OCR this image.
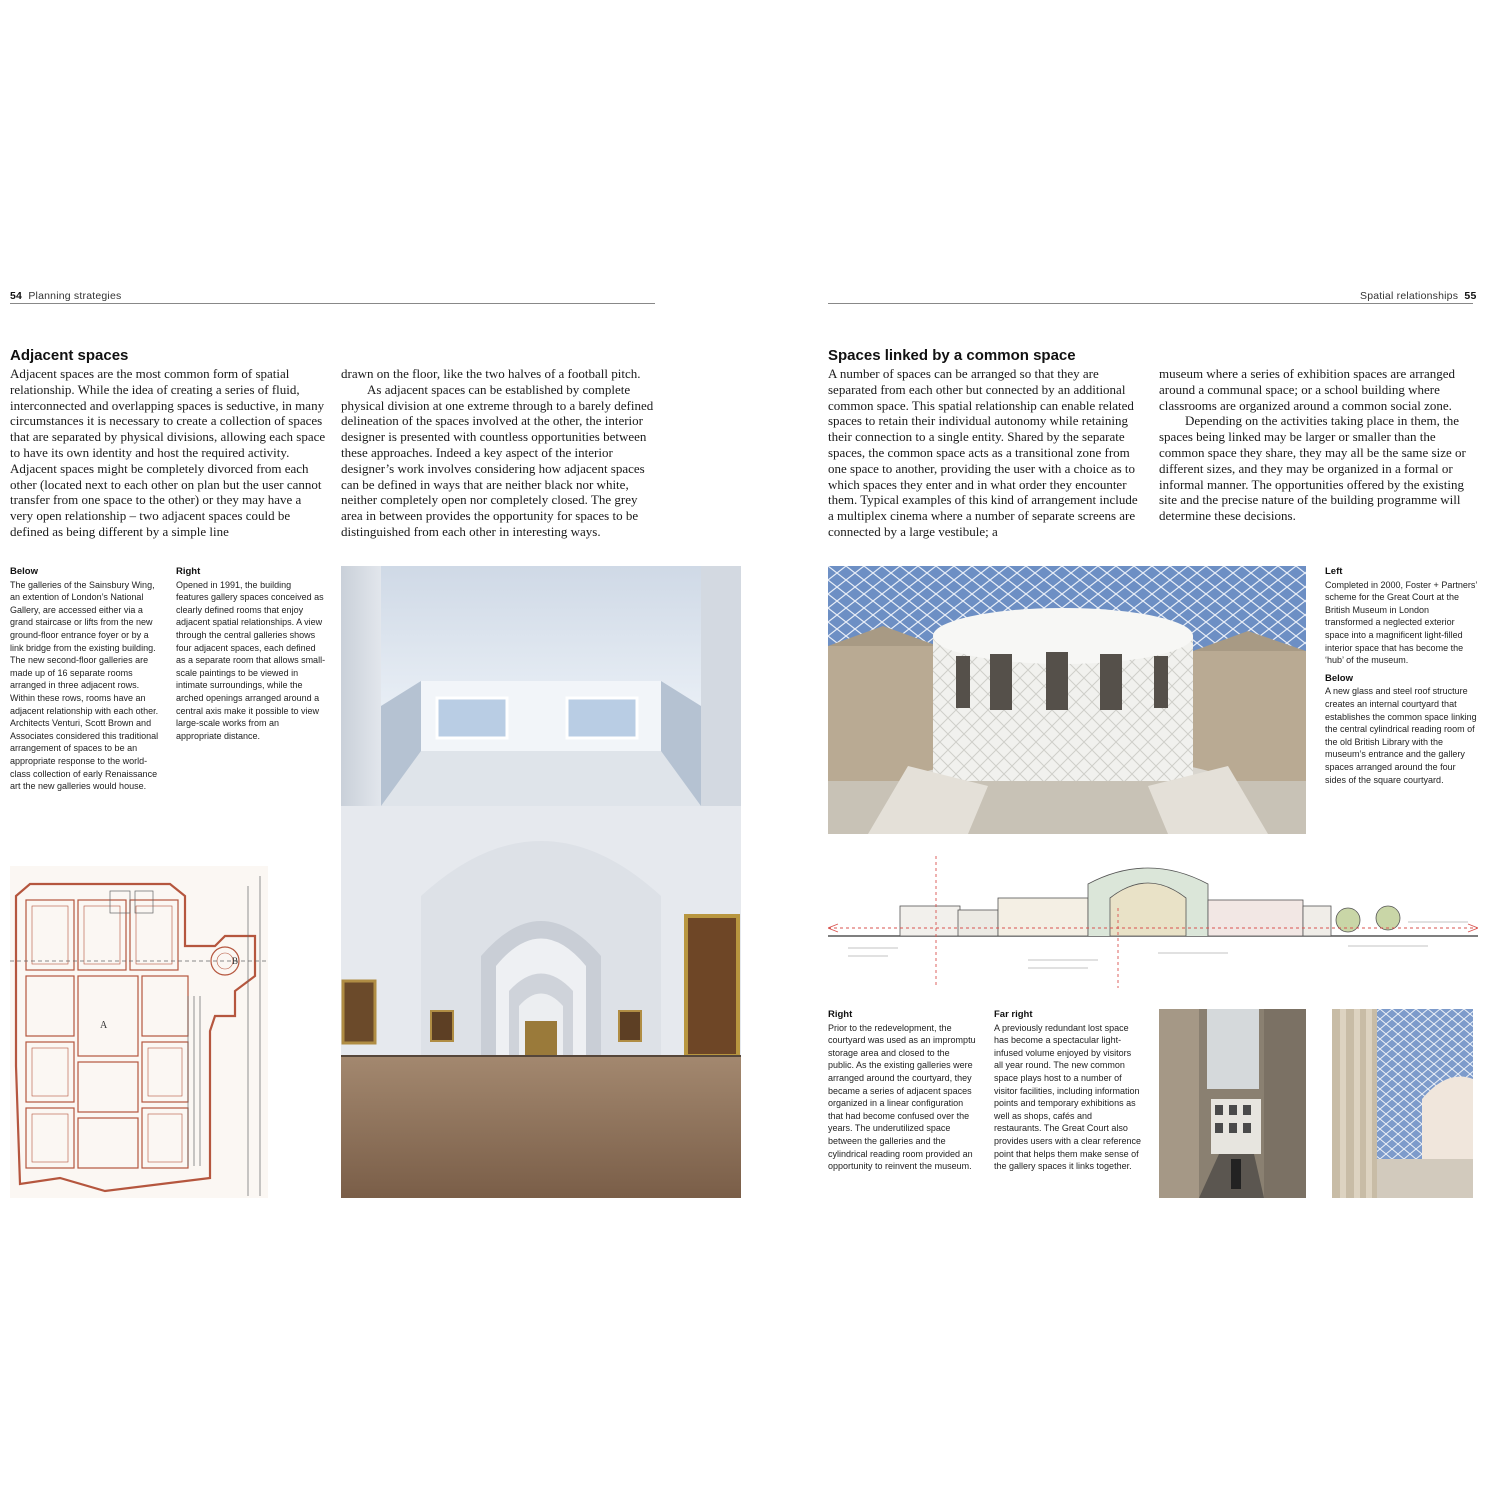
54 Planning strategies
Adjacent spaces

Adjacent spaces are the most common form of spatial relationship. While the idea of creating a series of fluid, interconnected and overlapping spaces is seductive, in many circumstances it is necessary to create a collection of spaces that are separated by physical divisions, allowing each space to have its own identity and host the required activity. Adjacent spaces might be completely divorced from each other (located next to each other on plan but the user cannot transfer from one space to the other) or they may have a very open relationship – two adjacent spaces could be defined as being different by a simple line

drawn on the floor, like the two halves of a football pitch.

As adjacent spaces can be established by complete physical division at one extreme through to a barely defined delineation of the spaces involved at the other, the interior designer is presented with countless opportunities between these approaches. Indeed a key aspect of the interior designer’s work involves considering how adjacent spaces can be defined in ways that are neither black nor white, neither completely open nor completely closed. The grey area in between provides the opportunity for spaces to be distinguished from each other in interesting ways.

Below
The galleries of the Sainsbury Wing, an extention of London’s National Gallery, are accessed either via a grand staircase or lifts from the new ground-floor entrance foyer or by a link bridge from the existing building. The new second-floor galleries are made up of 16 separate rooms arranged in three adjacent rows. Within these rows, rooms have an adjacent relationship with each other. Architects Venturi, Scott Brown and Associates considered this traditional arrangement of spaces to be an appropriate response to the world-class collection of early Renaissance art the new galleries would house.
Right
Opened in 1991, the building features gallery spaces conceived as clearly defined rooms that enjoy adjacent spatial relationships. A view through the central galleries shows four adjacent spaces, each defined as a separate room that allows small-scale paintings to be viewed in intimate surroundings, while the arched openings arranged around a central axis make it possible to view large-scale works from an appropriate distance.
A
B
Spatial relationships 55
Spaces linked by a common space

A number of spaces can be arranged so that they are separated from each other but connected by an additional common space. This spatial relationship can enable related spaces to retain their individual autonomy while retaining their connection to a single entity. Shared by the separate spaces, the common space acts as a transitional zone from one space to another, providing the user with a choice as to which spaces they enter and in what order they encounter them. Typical examples of this kind of arrangement include a multiplex cinema where a number of separate screens are connected by a large vestibule; a

museum where a series of exhibition spaces are arranged around a communal space; or a school building where classrooms are organized around a common social zone.

Depending on the activities taking place in them, the spaces being linked may be larger or smaller than the common space they share, they may all be the same size or different sizes, and they may be organized in a formal or informal manner. The opportunities offered by the existing site and the precise nature of the building programme will determine these decisions.

Left
Completed in 2000, Foster + Partners’ scheme for the Great Court at the British Museum in London transformed a neglected exterior space into a magnificent light-filled interior space that has become the ‘hub’ of the museum.
Below
A new glass and steel roof structure creates an internal courtyard that establishes the common space linking the central cylindrical reading room of the old British Library with the museum’s entrance and the gallery spaces arranged around the four sides of the square courtyard.
Right
Prior to the redevelopment, the courtyard was used as an impromptu storage area and closed to the public. As the existing galleries were arranged around the courtyard, they became a series of adjacent spaces organized in a linear configuration that had become confused over the years. The underutilized space between the galleries and the cylindrical reading room provided an opportunity to reinvent the museum.
Far right
A previously redundant lost space has become a spectacular light-infused volume enjoyed by visitors all year round. The new common space plays host to a number of visitor facilities, including information points and temporary exhibitions as well as shops, cafés and restaurants. The Great Court also provides users with a clear reference point that helps them make sense of the gallery spaces it links together.
